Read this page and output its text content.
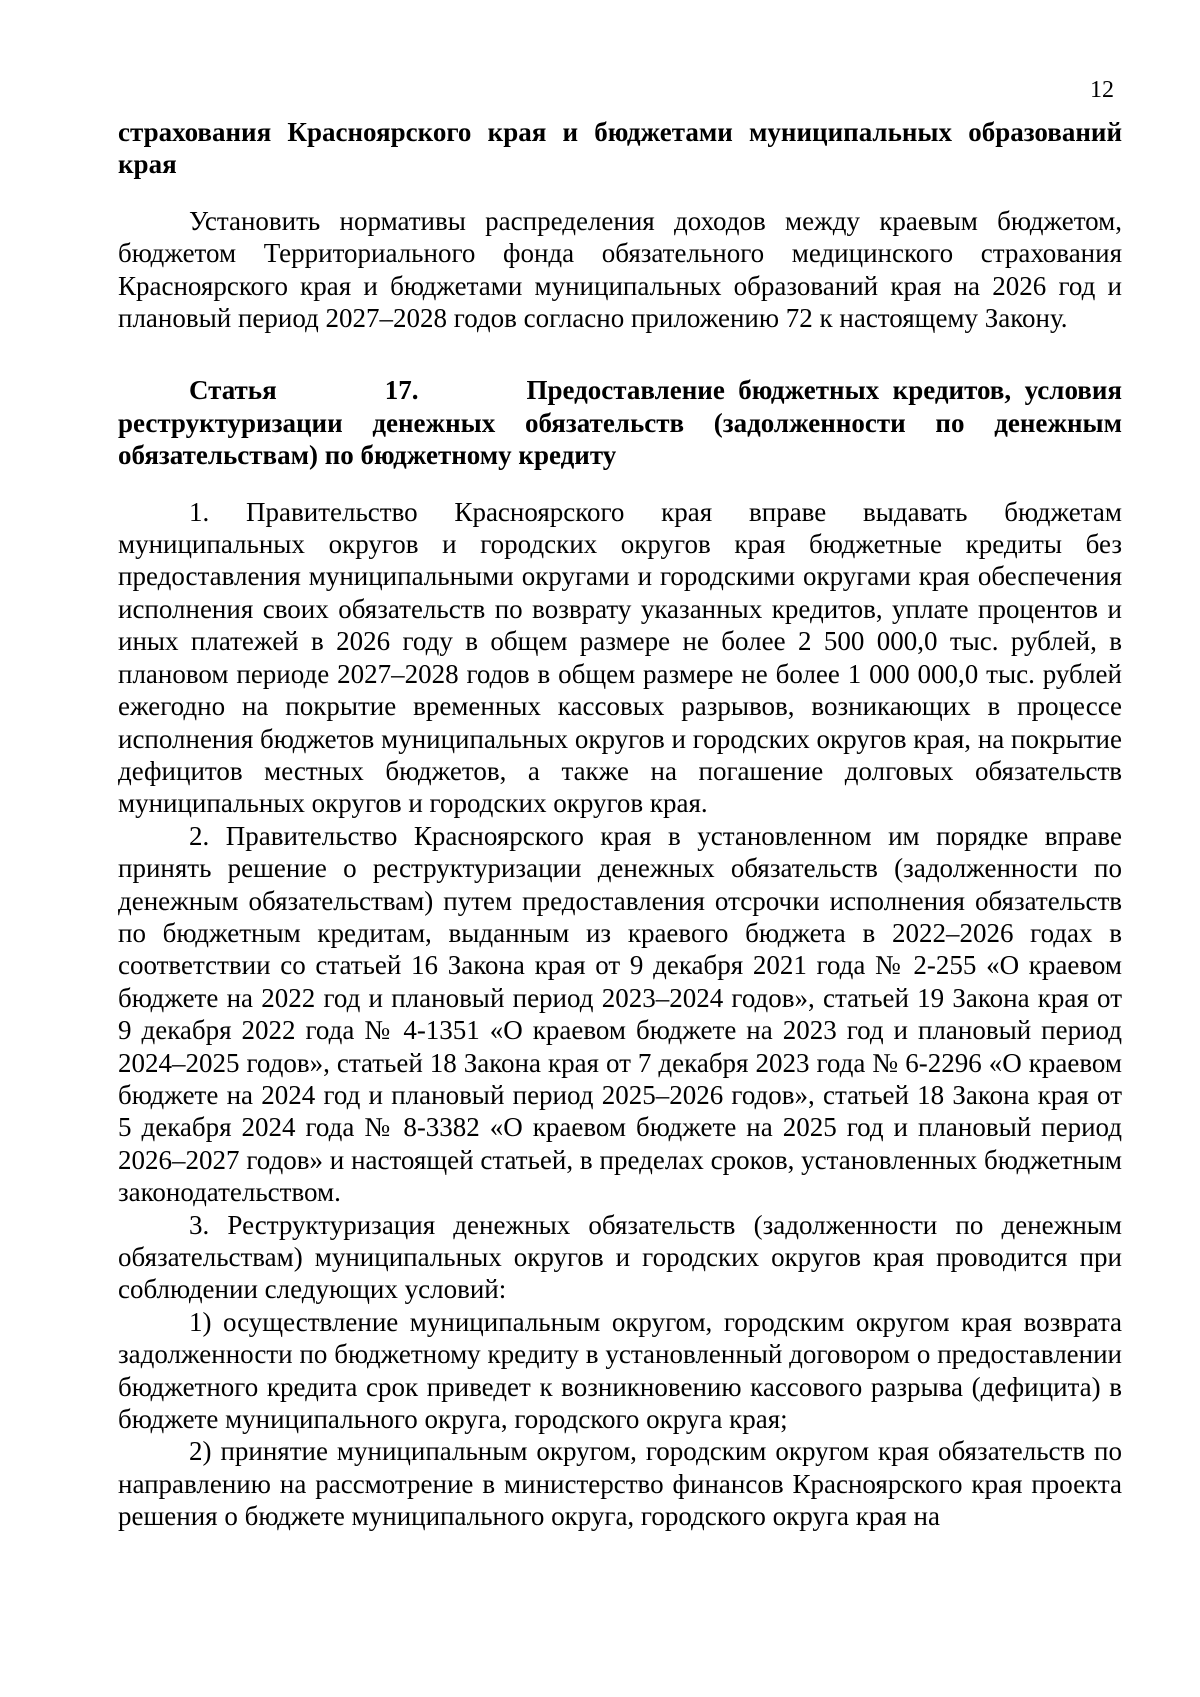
12

страхования Красноярского края и бюджетами муниципальных образований края

Установить нормативы распределения доходов между краевым бюджетом, бюджетом Территориального фонда обязательного медицинского страхования Красноярского края и бюджетами муниципальных образований края на 2026 год и плановый период 2027–2028 годов согласно приложению 72 к настоящему Закону.

Статья	17.	Предоставление бюджетных кредитов, условия реструктуризации денежных обязательств (задолженности по денежным обязательствам) по бюджетному кредиту

1. Правительство Красноярского края вправе выдавать бюджетам муниципальных округов и городских округов края бюджетные кредиты без предоставления муниципальными округами и городскими округами края обеспечения исполнения своих обязательств по возврату указанных кредитов, уплате процентов и иных платежей в 2026 году в общем размере не более 2 500 000,0 тыс. рублей, в плановом периоде 2027–2028 годов в общем размере не более 1 000 000,0 тыс. рублей ежегодно на покрытие временных кассовых разрывов, возникающих в процессе исполнения бюджетов муниципальных округов и городских округов края, на покрытие дефицитов местных бюджетов, а также на погашение долговых обязательств муниципальных округов и городских округов края.

2. Правительство Красноярского края в установленном им порядке вправе принять решение о реструктуризации денежных обязательств (задолженности по денежным обязательствам) путем предоставления отсрочки исполнения обязательств по бюджетным кредитам, выданным из краевого бюджета в 2022–2026 годах в соответствии со статьей 16 Закона края от 9 декабря 2021 года № 2-255 «О краевом бюджете на 2022 год и плановый период 2023–2024 годов», статьей 19 Закона края от 9 декабря 2022 года № 4-1351 «О краевом бюджете на 2023 год и плановый период 2024–2025 годов», статьей 18 Закона края от 7 декабря 2023 года № 6-2296 «О краевом бюджете на 2024 год и плановый период 2025–2026 годов», статьей 18 Закона края от 5 декабря 2024 года № 8-3382 «О краевом бюджете на 2025 год и плановый период 2026–2027 годов» и настоящей статьей, в пределах сроков, установленных бюджетным законодательством.

3. Реструктуризация денежных обязательств (задолженности по денежным обязательствам) муниципальных округов и городских округов края проводится при соблюдении следующих условий:

1) осуществление муниципальным округом, городским округом края возврата задолженности по бюджетному кредиту в установленный договором о предоставлении бюджетного кредита срок приведет к возникновению кассового разрыва (дефицита) в бюджете муниципального округа, городского округа края;

2) принятие муниципальным округом, городским округом края обязательств по направлению на рассмотрение в министерство финансов Красноярского края проекта решения о бюджете муниципального округа, городского округа края на
